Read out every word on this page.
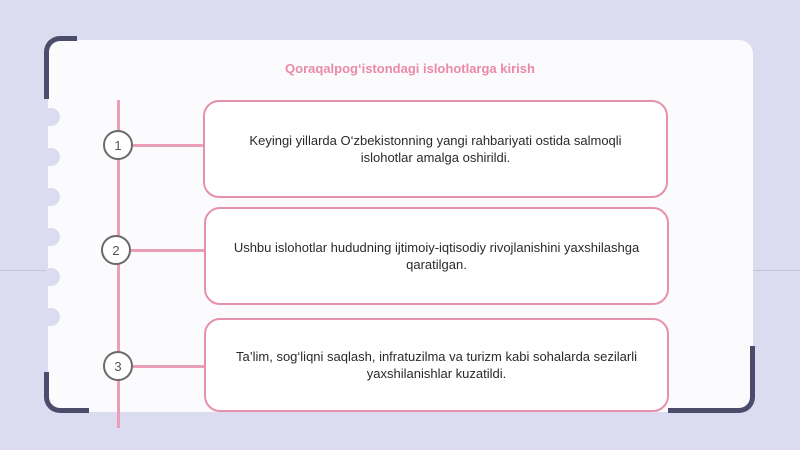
Qoraqalpog‘istondagi islohotlarga kirish
1
2
3
Keyingi yillarda O‘zbekistonning yangi rahbariyati ostida salmoqli islohotlar amalga oshirildi.
Ushbu islohotlar hududning ijtimoiy-iqtisodiy rivojlanishini yaxshilashga qaratilgan.
Ta’lim, sog‘liqni saqlash, infratuzilma va turizm kabi sohalarda sezilarli yaxshilanishlar kuzatildi.
